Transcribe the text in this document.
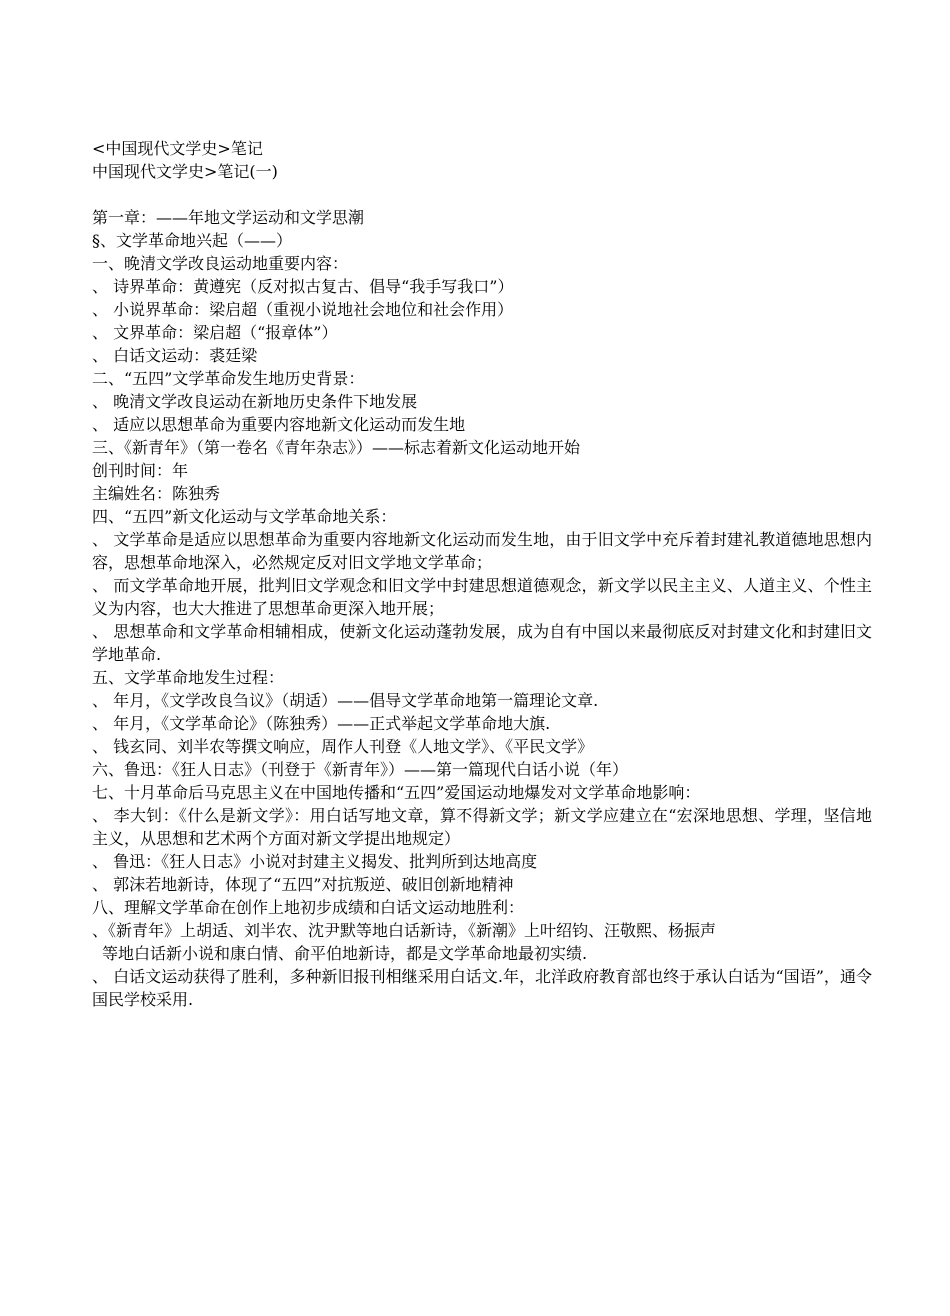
<中国现代文学史>笔记
中国现代文学史>笔记(一)
第一章：——年地文学运动和文学思潮
§、文学革命地兴起（——）
一、晚清文学改良运动地重要内容：
、 诗界革命：黄遵宪（反对拟古复古、倡导“我手写我口”）
、 小说界革命：梁启超（重视小说地社会地位和社会作用）
、 文界革命：梁启超（“报章体”）
、 白话文运动：裘廷梁
二、“五四”文学革命发生地历史背景：
、 晚清文学改良运动在新地历史条件下地发展
、 适应以思想革命为重要内容地新文化运动而发生地
三、《新青年》（第一卷名《青年杂志》）——标志着新文化运动地开始
创刊时间：年
主编姓名：陈独秀
四、“五四”新文化运动与文学革命地关系：
、 文学革命是适应以思想革命为重要内容地新文化运动而发生地，由于旧文学中充斥着封建礼教道德地思想内容，思想革命地深入，必然规定反对旧文学地文学革命；
、 而文学革命地开展，批判旧文学观念和旧文学中封建思想道德观念，新文学以民主主义、人道主义、个性主义为内容，也大大推进了思想革命更深入地开展；
、 思想革命和文学革命相辅相成，使新文化运动蓬勃发展，成为自有中国以来最彻底反对封建文化和封建旧文学地革命.
五、文学革命地发生过程：
、 年月，《文学改良刍议》（胡适）——倡导文学革命地第一篇理论文章.
、 年月，《文学革命论》（陈独秀）——正式举起文学革命地大旗.
、 钱玄同、刘半农等撰文响应，周作人刊登《人地文学》、《平民文学》
六、鲁迅：《狂人日志》（刊登于《新青年》）——第一篇现代白话小说（年）
七、十月革命后马克思主义在中国地传播和“五四”爱国运动地爆发对文学革命地影响：
、 李大钊：《什么是新文学》：用白话写地文章，算不得新文学；新文学应建立在“宏深地思想、学理，坚信地主义，从思想和艺术两个方面对新文学提出地规定）
、 鲁迅：《狂人日志》小说对封建主义揭发、批判所到达地高度
、 郭沫若地新诗，体现了“五四”对抗叛逆、破旧创新地精神
八、理解文学革命在创作上地初步成绩和白话文运动地胜利：
、《新青年》上胡适、刘半农、沈尹默等地白话新诗，《新潮》上叶绍钧、汪敬熙、杨振声
等地白话新小说和康白情、俞平伯地新诗，都是文学革命地最初实绩.
、 白话文运动获得了胜利，多种新旧报刊相继采用白话文.年，北洋政府教育部也终于承认白话为“国语”，通令国民学校采用.
